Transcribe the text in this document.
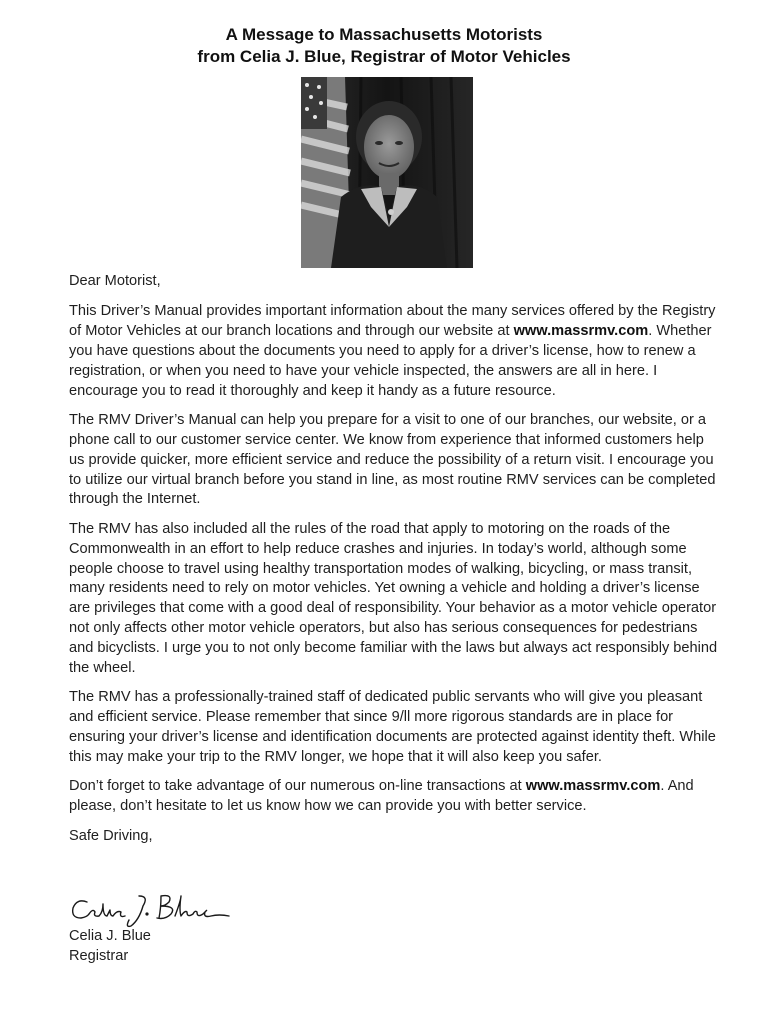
A Message to Massachusetts Motorists
from Celia J. Blue, Registrar of Motor Vehicles

Dear Motorist,

This Driver’s Manual provides important information about the many services offered by the Registry of Motor Vehicles at our branch locations and through our website at www.massrmv.com. Whether you have questions about the documents you need to apply for a driver’s license, how to renew a registration, or when you need to have your vehicle inspected, the answers are all in here. I encourage you to read it thoroughly and keep it handy as a future resource.

The RMV Driver’s Manual can help you prepare for a visit to one of our branches, our website, or a phone call to our customer service center. We know from experience that informed customers help us provide quicker, more efficient service and reduce the possibility of a return visit. I encourage you to utilize our virtual branch before you stand in line, as most routine RMV services can be completed through the Internet.

The RMV has also included all the rules of the road that apply to motoring on the roads of the Commonwealth in an effort to help reduce crashes and injuries. In today’s world, although some people choose to travel using healthy transportation modes of walking, bicycling, or mass transit, many residents need to rely on motor vehicles. Yet owning a vehicle and holding a driver’s license are privileges that come with a good deal of responsibility. Your behavior as a motor vehicle operator not only affects other motor vehicle operators, but also has serious consequences for pedestrians and bicyclists. I urge you to not only become familiar with the laws but always act responsibly behind the wheel.

The RMV has a professionally-trained staff of dedicated public servants who will give you pleasant and efficient service. Please remember that since 9/ll more rigorous standards are in place for ensuring your driver’s license and identification documents are protected against identity theft. While this may make your trip to the RMV longer, we hope that it will also keep you safer.

Don’t forget to take advantage of our numerous on-line transactions at www.massrmv.com. And please, don’t hesitate to let us know how we can provide you with better service.

Safe Driving,

Celia J. Blue
Registrar
